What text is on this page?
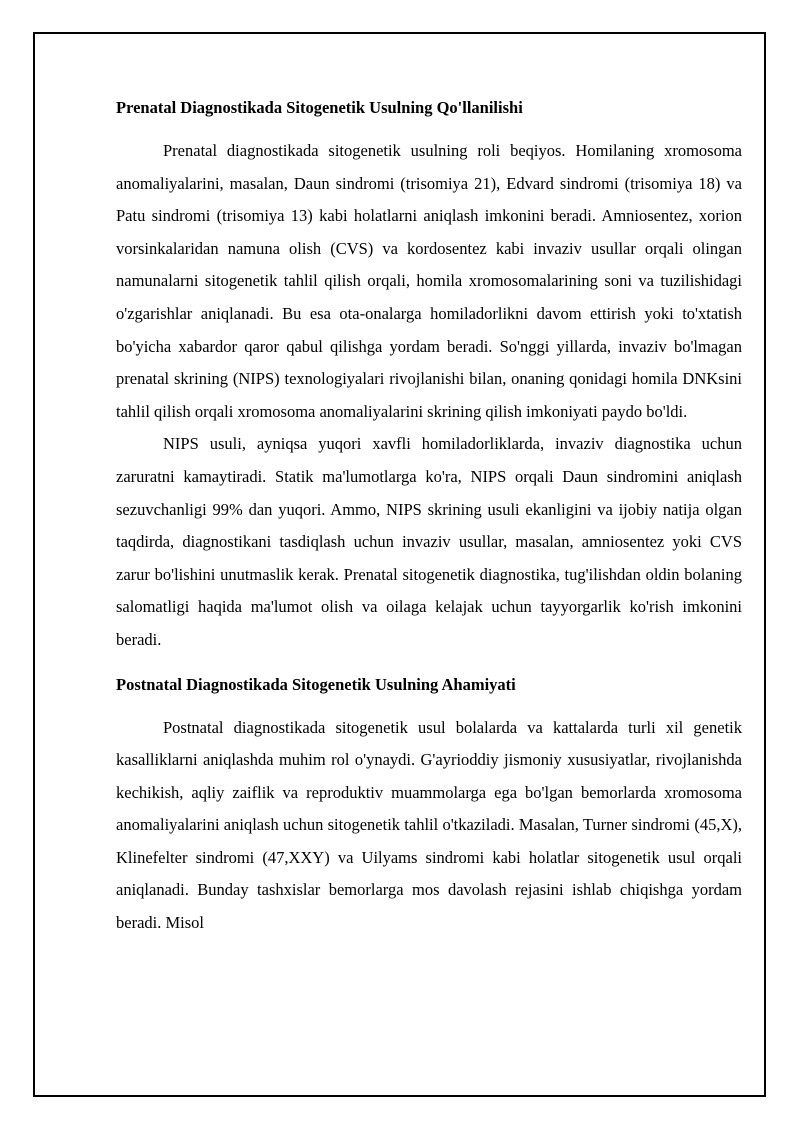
Prenatal Diagnostikada Sitogenetik Usulning Qo'llanilishi

Prenatal diagnostikada sitogenetik usulning roli beqiyos. Homilaning xromosoma anomaliyalarini, masalan, Daun sindromi (trisomiya 21), Edvard sindromi (trisomiya 18) va Patu sindromi (trisomiya 13) kabi holatlarni aniqlash imkonini beradi. Amniosentez, xorion vorsinkalaridan namuna olish (CVS) va kordosentez kabi invaziv usullar orqali olingan namunalarni sitogenetik tahlil qilish orqali, homila xromosomalarining soni va tuzilishidagi o'zgarishlar aniqlanadi. Bu esa ota-onalarga homiladorlikni davom ettirish yoki to'xtatish bo'yicha xabardor qaror qabul qilishga yordam beradi. So'nggi yillarda, invaziv bo'lmagan prenatal skrining (NIPS) texnologiyalari rivojlanishi bilan, onaning qonidagi homila DNKsini tahlil qilish orqali xromosoma anomaliyalarini skrining qilish imkoniyati paydo bo'ldi.

NIPS usuli, ayniqsa yuqori xavfli homiladorliklarda, invaziv diagnostika uchun zaruratni kamaytiradi. Statik ma'lumotlarga ko'ra, NIPS orqali Daun sindromini aniqlash sezuvchanligi 99% dan yuqori. Ammo, NIPS skrining usuli ekanligini va ijobiy natija olgan taqdirda, diagnostikani tasdiqlash uchun invaziv usullar, masalan, amniosentez yoki CVS zarur bo'lishini unutmaslik kerak. Prenatal sitogenetik diagnostika, tug'ilishdan oldin bolaning salomatligi haqida ma'lumot olish va oilaga kelajak uchun tayyorgarlik ko'rish imkonini beradi.

Postnatal Diagnostikada Sitogenetik Usulning Ahamiyati

Postnatal diagnostikada sitogenetik usul bolalarda va kattalarda turli xil genetik kasalliklarni aniqlashda muhim rol o'ynaydi. G'ayrioddiy jismoniy xususiyatlar, rivojlanishda kechikish, aqliy zaiflik va reproduktiv muammolarga ega bo'lgan bemorlarda xromosoma anomaliyalarini aniqlash uchun sitogenetik tahlil o'tkaziladi. Masalan, Turner sindromi (45,X), Klinefelter sindromi (47,XXY) va Uilyams sindromi kabi holatlar sitogenetik usul orqali aniqlanadi. Bunday tashxislar bemorlarga mos davolash rejasini ishlab chiqishga yordam beradi. Misol
